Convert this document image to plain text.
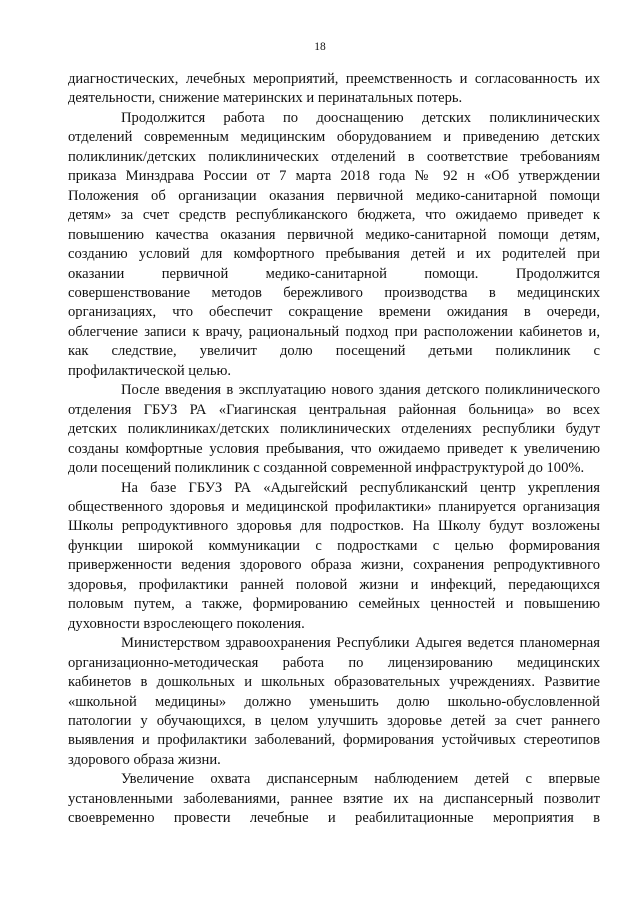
18
диагностических, лечебных мероприятий, преемственность и согласованность их
деятельности, снижение материнских и перинатальных потерь.
Продолжится работа по дооснащению детских поликлинических
отделений современным медицинским оборудованием и приведению детских
поликлиник/детских поликлинических отделений в соответствие требованиям
приказа Минздрава России от 7 марта 2018 года № 92 н «Об утверждении
Положения об организации оказания первичной медико-санитарной помощи
детям» за счет средств республиканского бюджета, что ожидаемо приведет к
повышению качества оказания первичной медико-санитарной помощи детям,
созданию условий для комфортного пребывания детей и их родителей при
оказании первичной медико-санитарной помощи. Продолжится
совершенствование методов бережливого производства в медицинских
организациях, что обеспечит сокращение времени ожидания в очереди,
облегчение записи к врачу, рациональный подход при расположении кабинетов и,
как следствие, увеличит долю посещений детьми поликлиник с
профилактической целью.
После введения в эксплуатацию нового здания детского поликлинического
отделения ГБУЗ РА «Гиагинская центральная районная больница» во всех
детских поликлиниках/детских поликлинических отделениях республики будут
созданы комфортные условия пребывания, что ожидаемо приведет к увеличению
доли посещений поликлиник с созданной современной инфраструктурой до 100%.
На базе ГБУЗ РА «Адыгейский республиканский центр укрепления
общественного здоровья и медицинской профилактики» планируется организация
Школы репродуктивного здоровья для подростков. На Школу будут возложены
функции широкой коммуникации с подростками с целью формирования
приверженности ведения здорового образа жизни, сохранения репродуктивного
здоровья, профилактики ранней половой жизни и инфекций, передающихся
половым путем, а также, формированию семейных ценностей и повышению
духовности взрослеющего поколения.
Министерством здравоохранения Республики Адыгея ведется планомерная
организационно-методическая работа по лицензированию медицинских
кабинетов в дошкольных и школьных образовательных учреждениях. Развитие
«школьной медицины» должно уменьшить долю школьно-обусловленной
патологии у обучающихся, в целом улучшить здоровье детей за счет раннего
выявления и профилактики заболеваний, формирования устойчивых стереотипов
здорового образа жизни.
Увеличение охвата диспансерным наблюдением детей с впервые
установленными заболеваниями, раннее взятие их на диспансерный позволит
своевременно провести лечебные и реабилитационные мероприятия в
